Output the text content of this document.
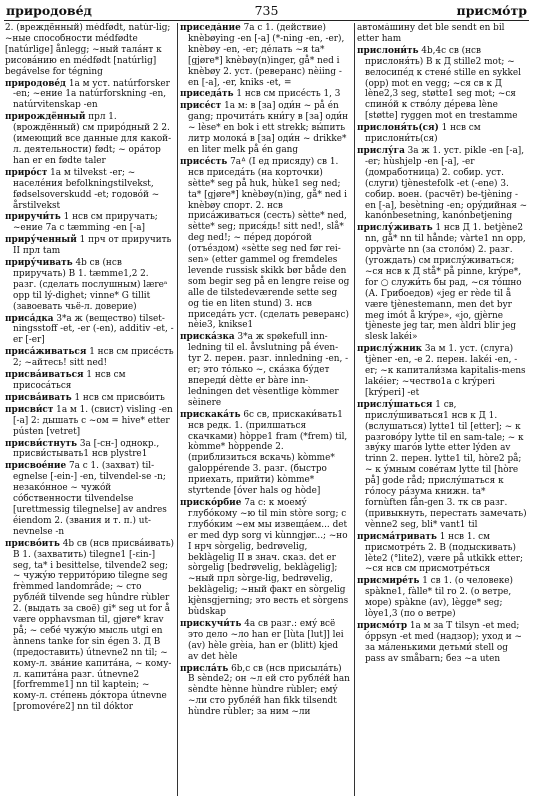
природове́д	735	присмо́тр
2. (вреждённый) médfødt, natúr-lig; ~ные способности médfødte [natúrlige] ånlegg; ~ный тала́нт к рисова́нию en médfødt [natúrlig] begávelse for tégning
природове́д 1a м уст. natúrforsker -en; ~ение 1a natúrforskning -en, natúrvitenskap -en
прирождённый прл 1. (врождённый) см приро́дный 2 2. (имеющий все данные для какой-л. деятельности) født; ~ ора́тор han er en fødte taler
приро́ст 1a м tilvekst -er; ~ населе́ния befolkningstilvekst, fødselsoverskudd -et; годово́й ~ årstilvekst
приручи́ть 1 нсв см приручать; ~ение 7a с tæmming -en [-a]
приру́ченный 1 прч от приручить II прл tam
приру́чивать 4b св (нсв приручать) В 1. tæmme1,2 2. разг. (сделать послушным) læreᵃ opp til lý-dighet; vinne* G tillit (завоевать чьё-л. доверие)
приса́дка 3*a ж (вещество) tilset-ningsstoff -et, -er (-en), additiv -et, -er [-er]
приса́живаться 1 нсв см присе́сть 2; ~айтесь! sitt ned!
присва́иваться 1 нсв см присоса́ться
присва́ивать 1 нсв см присво́ить
присви́ст 1a м 1. (свист) visling -en [-a] 2: дышать с ~ом = hive* etter pústen [vetret]
присви́стнуть 3a [-сн-] однокр., присви́стывать1 нсв plystre1
присвое́ние 7a с 1. (захват) til-egnelse [-ein-] -en, tilvendel-se -n; незако́нное ~ чужо́й со́бственности tilvendelse [urettmessig tilegnelse] av andres éiendom 2. (звания и т. п.) ut-nevnelse -n
присво́ить 4b св (нсв присва́ивать) В 1. (захватить) tilegne1 [-ɛin-] seg, ta* i besittelse, tilvende2 seg; ~ чужу́ю террито́рию tilegne seg frèmmed landomrâde; ~ сто рубле́й tilvende seg hûndre rùbler 2. (выдать за своё) gi* seg ut for å være opphavsman til, gjøre* krav på; ~ себе́ чужу́ю мысль utgi en ànnens tanke for sin égen 3. Д В (предоставить) útnevne2 nn til; ~ кому-л. зва́ние капита́на, ~ кому-л. капита́на разг. útnevne2 [forfremme1] nn til kaptein; ~ кому-л. сте́пень до́ктора útnevne [promovére2] nn til dóktor
приседа́ние 7a с 1. (действие) knèbøying -en [-a] (*-ning -en, -er), knèbøy -en, -er; де́лать ~я ta* [gjøre*] knèbøy(n)inger, gå* ned i knèbøy 2. уст. (реверанс) nèiing -en [-a], -er, kniks -et, =
приседа́ть 1 нсв см присе́сть 1, 3
присе́ст 1a м: в [за] оди́н ~ på én gang; прочита́ть кни́гу в [за] оди́н ~ lèse* en bok i ett strekk; вы́пить литр молока́ в [за] оди́н ~ drikke* en liter melk på én gang
присе́сть 7aᐞ (I ед присяду) св 1. нсв приседа́ть (на корточки) sètte* seg på huk, hùke1 seg ned; ta* [gjøre*] knèbøy(n)ing, gå* ned i knèbøy спорт. 2. нсв приса́живаться (сесть) sètte* ned, sètte* seg; прися́дь! sitt ned!, slå* deg ned!; ~ пе́ред доро́гой (отъе́здом) «sètte seg ned før rei-sen» (etter gammel og fremdeles levende russisk skikk bør både den som begir seg på en lengre reise og alle de tilstedeværende sette seg og tie en liten stund) 3. нсв приседа́ть уст. (сделать реверанс) nèie3, knikse1
приска́зка 3*a ж spøkefull inn-ledning til el. åvslutning på éven-tyr 2. перен. разг. innledning -en, -er; это то́лько ~, ска́зка бу́дет впереди́ dètte er bàre inn-ledningen det vèsentlige kòmmer sèinere
прискака́ть 6c св, прискаки́вать1 нсв редк. 1. (прилшаться скачками) hòppe1 fram (*frem) til, kòmme* hòppende 2. (приблизиться вскачь) kòmme* galoppérende 3. разг. (быстро приехать, прийти) kòmme* styrtende [óver hals og hòde]
приско́рбие 7a с: к моему́ глубо́кому ~ю til min stòre sorg; с глубо́ким ~ем мы извеща́ем... det er med dyp sorg vi kùnngjør...; ~но I нрч sòrgelig, bedrøvelig, beklàgelig II в знач. сказ. det er sòrgelig [bedrøvelig, beklàgelig]; ~ный прл sòrge-lig, bedrøvelig, beklàgelig; ~ный факт en sòrgelig kjènsgjerning; это весть et sòrgens bùdskap
прискучи́ть 4a св разг.: ему́ всё это дело ~ло han er [lùta [lut]] lei (av) hèle grèia, han er (blitt) kjed av det hèle
присла́ть 6b,c св (нсв присыла́ть) В sènde2; он ~л ей сто рубле́й han sèndte hènne hùndre rùbler; ему́ ~ли сто рубле́й han fikk tilsendt hùndre rùbler; за ним ~ли
автома́шину det ble sendt en bil etter ham
прислони́ть 4b,4c св (нсв прислоня́ть) В к Д stille2 mot; ~ велосипе́д к стене́ stille en sykkel (opp) mot en vegg; ~ся св к Д lène2,3 seg, støtte1 seg mot; ~ся спино́й к ство́лу де́рева lène [støtte] ryggen mot en trestamme
прислоня́ть(ся) 1 нсв см прислони́ть(ся)
прислу́га 3a ж 1. уст. pikle -en [-a], -er; hùshjelp -en [-a], -er (домработница) 2. собир. уст. (слуги) tjènestefolk -et (-ene) 3. собир. воен. (расчёт) be-tjèning -en [-a], besètning -en; ору́дийная ~ kanónbesetning, kanónbetjening
прислу́живать 1 нсв Д 1. betjène2 nn, gå* nn til hånde; vàrte1 nn opp, oppvàrte nn (за столо́м) 2. разг. (угождать) см прислу́живаться; ~ся нсв к Д stå* på pinne, krýpe*, for ○ служи́ть бы рад, ~ся то́шно (А. Грибоедов) «jeg er rède til å være tjènestemann, men det byr meg imót å krýpe», «jo, gjèrne tjèneste jeg tar, men àldri blir jeg slesk lakéi»
прислу́жник 3a м 1. уст. (слуга) tjèner -en, -e 2. перен. lakéi -en, -er; ~к капитали́зма kapitalis-mens lakéier; ~чество1a с krýperi [krýperi] -et
прислу́шаться 1 св, прислу́шиваться1 нсв к Д 1. (вслушаться) lytte1 til [etter]; ~ к разгово́ру lytte til en sam-tale; ~ к зву́ку шаго́в lytte etter lýden av trinn 2. перен. lytte1 til, hòre2 på; ~ к у́мным сове́там lytte til [hòre på] gode råd; прислу́шаться к го́лосу ра́зума книжн. ta* fornùften fån-gen 3. тк св разг. (привыкнуть, перестать замечать) vènne2 seg, bli* vant1 til
присма́тривать 1 нсв 1. см присмотре́ть 2. В (подыскивать) lète2 (°lite2), være på utkikk etter; ~ся нсв см присмотре́ться
присмире́ть 1 св 1. (о человеке) spàkne1, fàlle* til ro 2. (о ветре, море) spàkne (av), lègge* seg; lòye1,3 (по о ветре)
присмо́тр 1a м за Т tilsyn -et med; óppsyn -et med (надзор); уход и ~ за ма́ленькими детьми́ stell og pass av småbarn; без ~а uten
